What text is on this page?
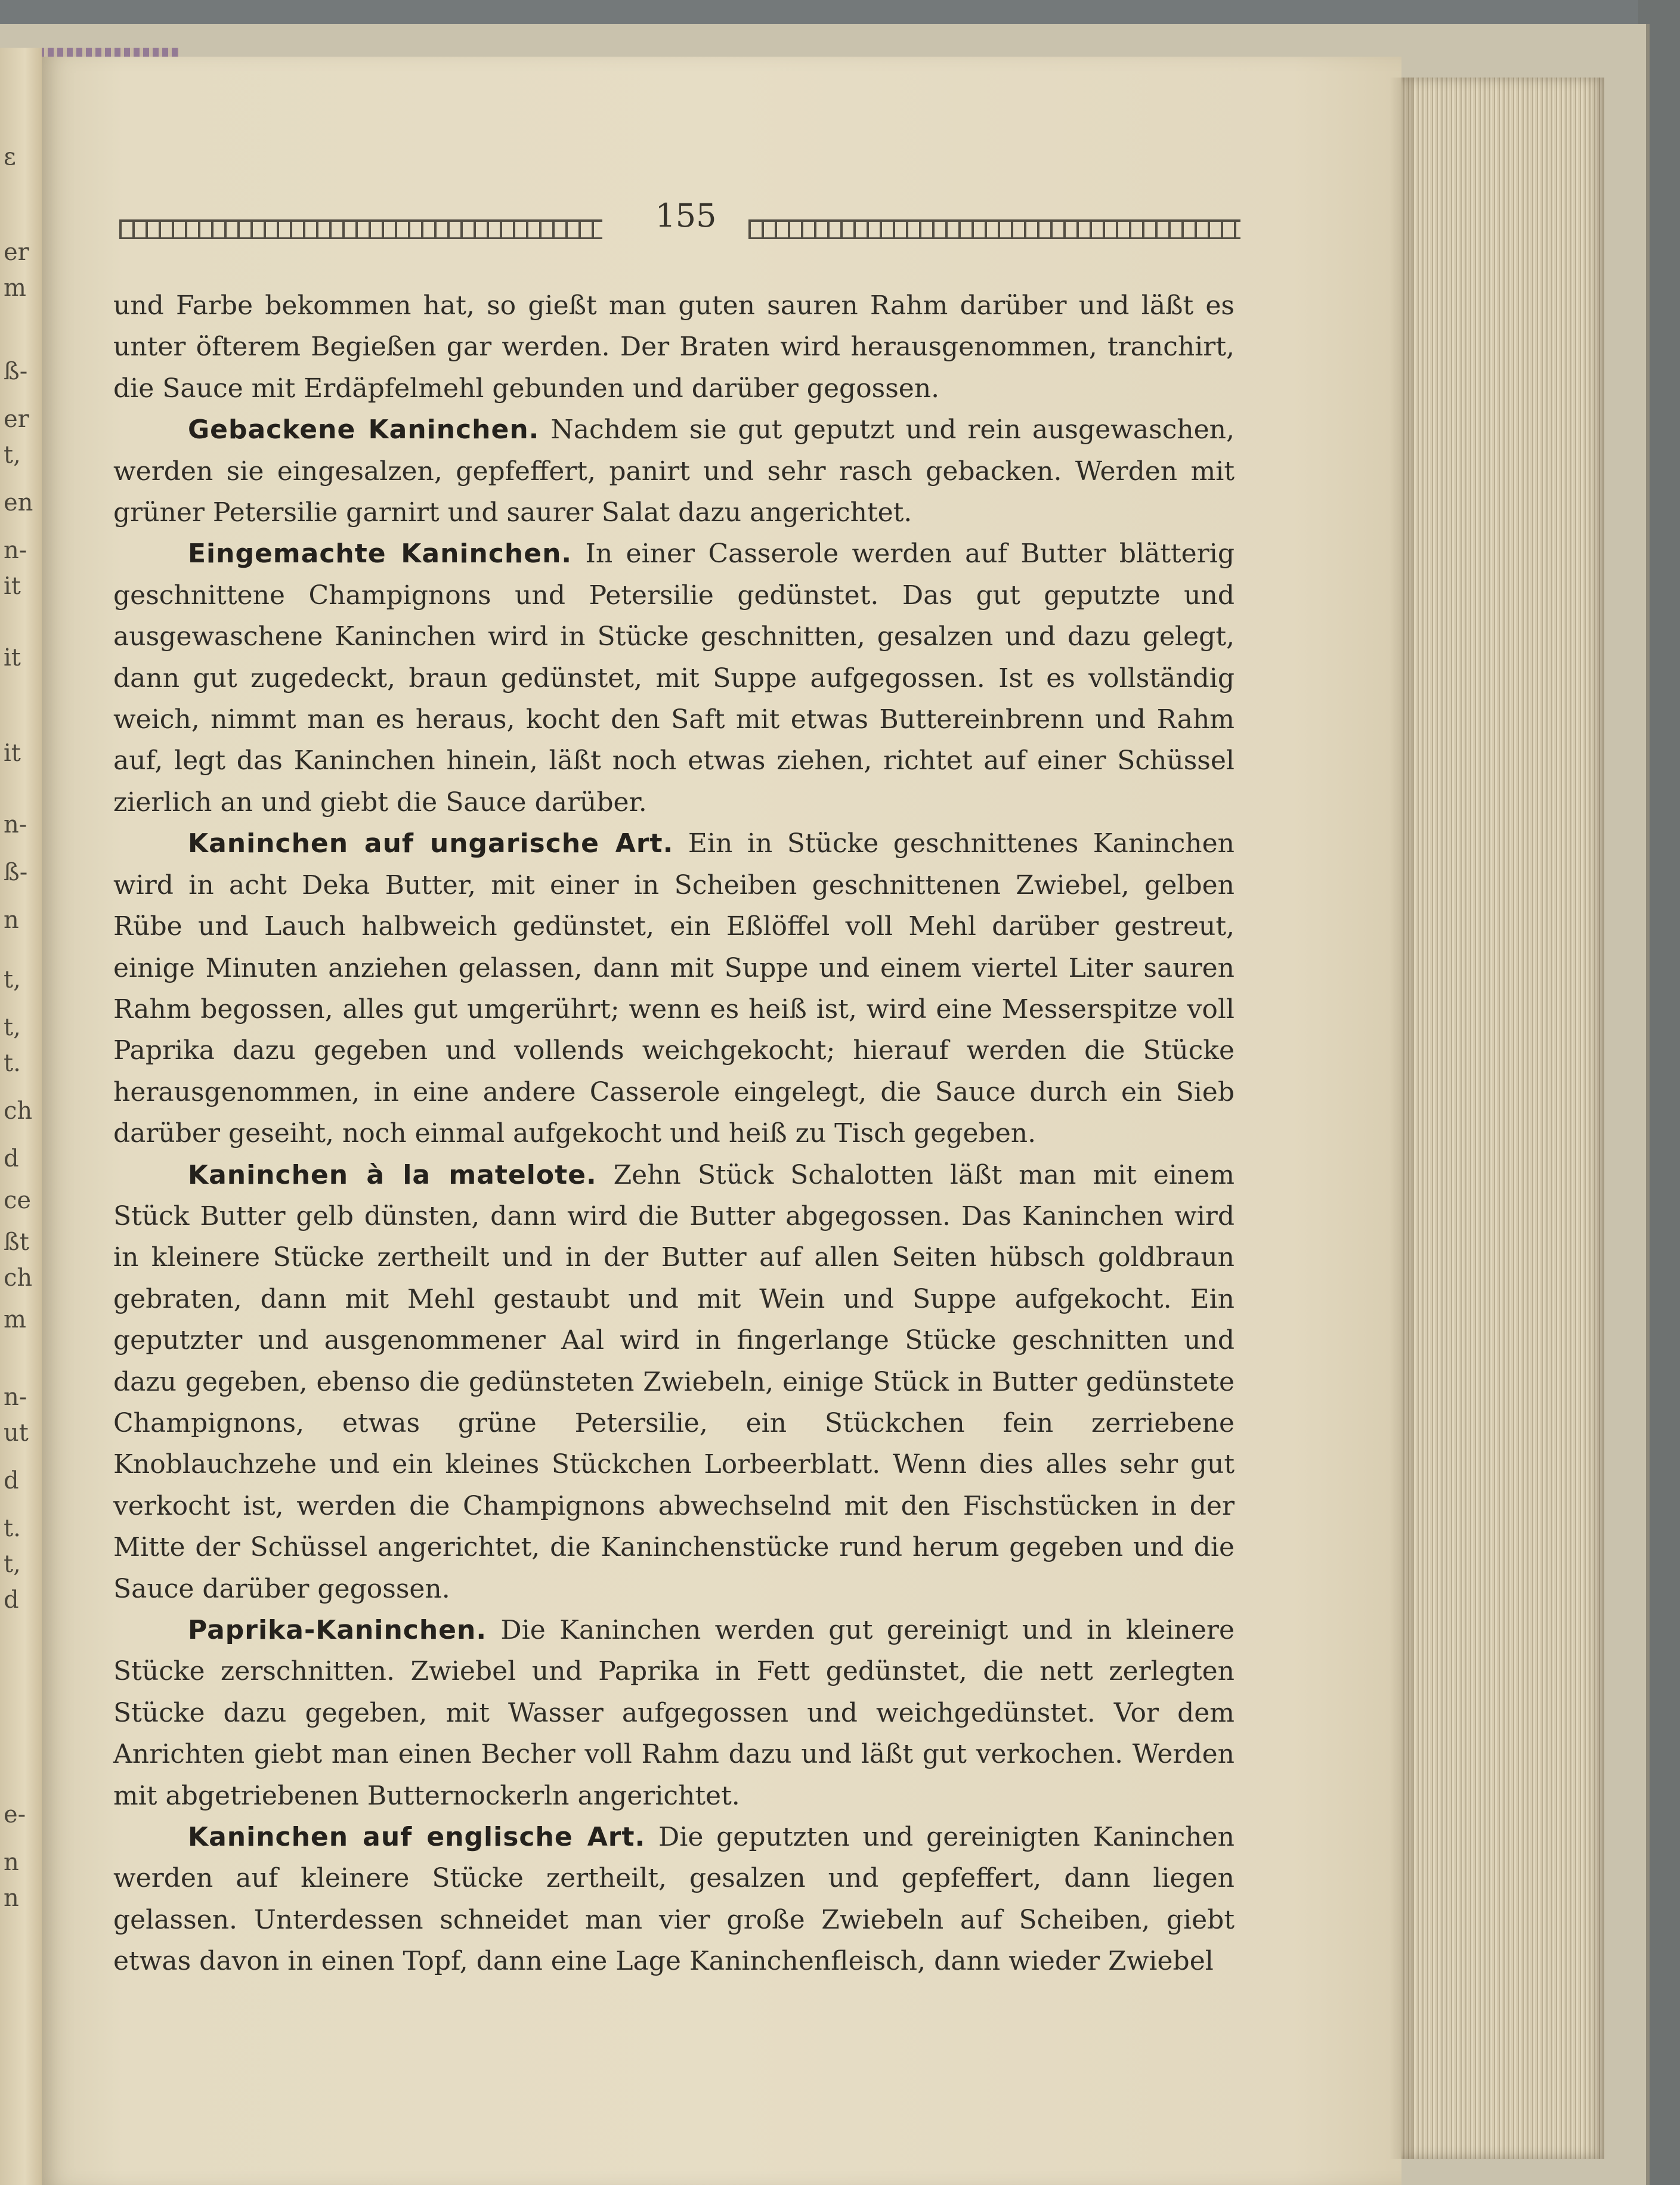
ɛ
er
m
ß-
er
t,
en
n-
it
it
it
n-
ß-
n
t,
t,
t.
ch
d
ce
ßt
ch
m
n-
ut
d
t.
t,
d
e-
n
n
155

und Farbe bekommen hat, so gießt man guten sauren Rahm darüber und läßt es unter öfterem Begießen gar werden. Der Braten wird herausgenommen, tranchirt, die Sauce mit Erdäpfelmehl gebunden und darüber gegossen.

Gebackene Kaninchen. Nachdem sie gut geputzt und rein ausgewaschen, werden sie eingesalzen, gepfeffert, panirt und sehr rasch gebacken. Werden mit grüner Petersilie garnirt und saurer Salat dazu angerichtet.

Eingemachte Kaninchen. In einer Casserole werden auf Butter blätterig geschnittene Champignons und Petersilie gedünstet. Das gut geputzte und ausgewaschene Kaninchen wird in Stücke geschnitten, gesalzen und dazu gelegt, dann gut zugedeckt, braun gedünstet, mit Suppe aufgegossen. Ist es vollständig weich, nimmt man es heraus, kocht den Saft mit etwas Buttereinbrenn und Rahm auf, legt das Kaninchen hinein, läßt noch etwas ziehen, richtet auf einer Schüssel zierlich an und giebt die Sauce darüber.

Kaninchen auf ungarische Art. Ein in Stücke geschnittenes Kaninchen wird in acht Deka Butter, mit einer in Scheiben geschnittenen Zwiebel, gelben Rübe und Lauch halbweich gedünstet, ein Eßlöffel voll Mehl darüber gestreut, einige Minuten anziehen gelassen, dann mit Suppe und einem viertel Liter sauren Rahm begossen, alles gut umgerührt; wenn es heiß ist, wird eine Messerspitze voll Paprika dazu gegeben und vollends weichgekocht; hierauf werden die Stücke herausgenommen, in eine andere Casserole eingelegt, die Sauce durch ein Sieb darüber geseiht, noch einmal aufgekocht und heiß zu Tisch gegeben.

Kaninchen à la matelote. Zehn Stück Schalotten läßt man mit einem Stück Butter gelb dünsten, dann wird die Butter abgegossen. Das Kaninchen wird in kleinere Stücke zertheilt und in der Butter auf allen Seiten hübsch goldbraun gebraten, dann mit Mehl gestaubt und mit Wein und Suppe aufgekocht. Ein geputzter und ausgenommener Aal wird in fingerlange Stücke geschnitten und dazu gegeben, ebenso die gedünsteten Zwiebeln, einige Stück in Butter gedünstete Champignons, etwas grüne Petersilie, ein Stückchen fein zerriebene Knoblauchzehe und ein kleines Stückchen Lorbeerblatt. Wenn dies alles sehr gut verkocht ist, werden die Champignons abwechselnd mit den Fischstücken in der Mitte der Schüssel angerichtet, die Kaninchenstücke rund herum gegeben und die Sauce darüber gegossen.

Paprika-Kaninchen. Die Kaninchen werden gut gereinigt und in kleinere Stücke zerschnitten. Zwiebel und Paprika in Fett gedünstet, die nett zerlegten Stücke dazu gegeben, mit Wasser aufgegossen und weichgedünstet. Vor dem Anrichten giebt man einen Becher voll Rahm dazu und läßt gut verkochen. Werden mit abgetriebenen Butternockerln angerichtet.

Kaninchen auf englische Art. Die geputzten und gereinigten Kaninchen werden auf kleinere Stücke zertheilt, gesalzen und gepfeffert, dann liegen gelassen. Unterdessen schneidet man vier große Zwiebeln auf Scheiben, giebt etwas davon in einen Topf, dann eine Lage Kaninchenfleisch, dann wieder Zwiebel
